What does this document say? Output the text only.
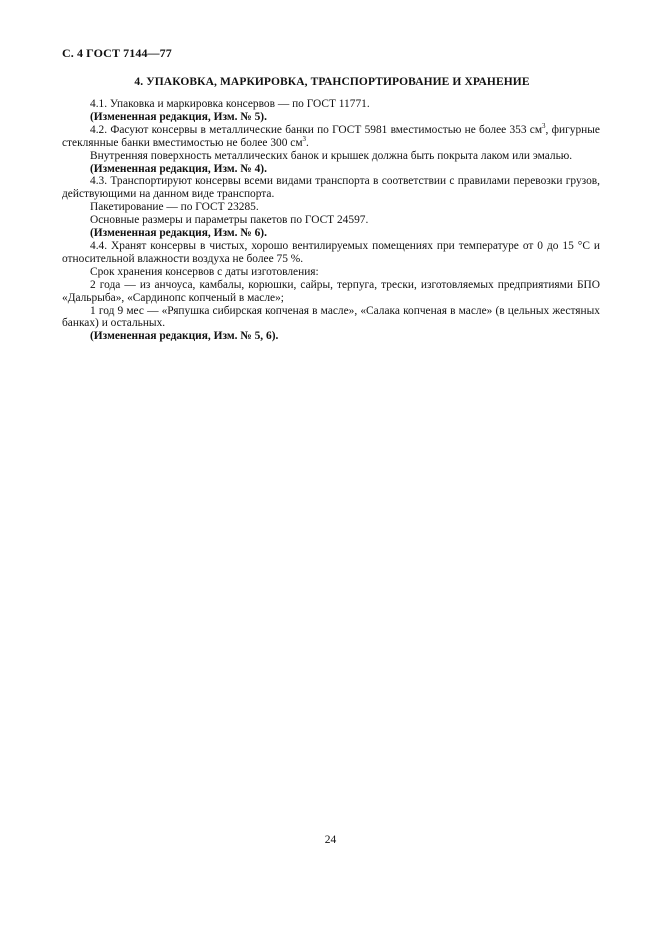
С. 4 ГОСТ 7144—77
4. УПАКОВКА, МАРКИРОВКА, ТРАНСПОРТИРОВАНИЕ И ХРАНЕНИЕ

4.1. Упаковка и маркировка консервов — по ГОСТ 11771.

(Измененная редакция, Изм. № 5).

4.2. Фасуют консервы в металлические банки по ГОСТ 5981 вместимостью не более 353 $см^3$, фигурные стеклянные банки вместимостью не более 300 $см^3$.

Внутренняя поверхность металлических банок и крышек должна быть покрыта лаком или эмалью.

(Измененная редакция, Изм. № 4).

4.3. Транспортируют консервы всеми видами транспорта в соответствии с правилами перевозки грузов, действующими на данном виде транспорта.

Пакетирование — по ГОСТ 23285.

Основные размеры и параметры пакетов по ГОСТ 24597.

(Измененная редакция, Изм. № 6).

4.4. Хранят консервы в чистых, хорошо вентилируемых помещениях при температуре от 0 до 15 °С и относительной влажности воздуха не более 75 %.

Срок хранения консервов с даты изготовления:

2 года — из анчоуса, камбалы, корюшки, сайры, терпуга, трески, изготовляемых предприятиями БПО «Дальрыба», «Сардинопс копченый в масле»;

1 год 9 мес — «Ряпушка сибирская копченая в масле», «Салака копченая в масле» (в цельных жестяных банках) и остальных.

(Измененная редакция, Изм. № 5, 6).

24
